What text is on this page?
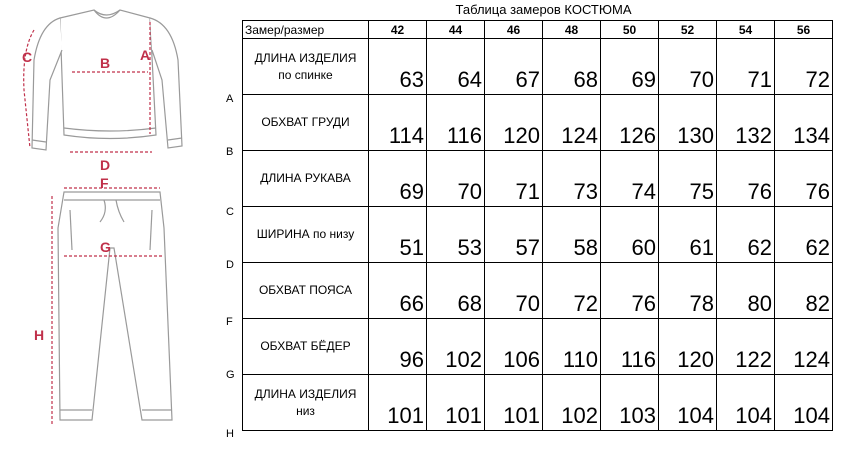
A
B
C
D
F
G
H
A
B
C
D
F
G
H
Таблица замеров КОСТЮМА
Замер/размер	42	44	46	48	50	52	54	56

ДЛИНА ИЗДЕЛИЯ
по спинке	63	64	67	68	69	70	71	72

ОБХВАТ ГРУДИ	114	116	120	124	126	130	132	134

ДЛИНА РУКАВА	69	70	71	73	74	75	76	76

ШИРИНА по низу	51	53	57	58	60	61	62	62

ОБХВАТ ПОЯСА	66	68	70	72	76	78	80	82

ОБХВАТ БЁДЕР	96	102	106	110	116	120	122	124

ДЛИНА ИЗДЕЛИЯ
низ	101	101	101	102	103	104	104	104
